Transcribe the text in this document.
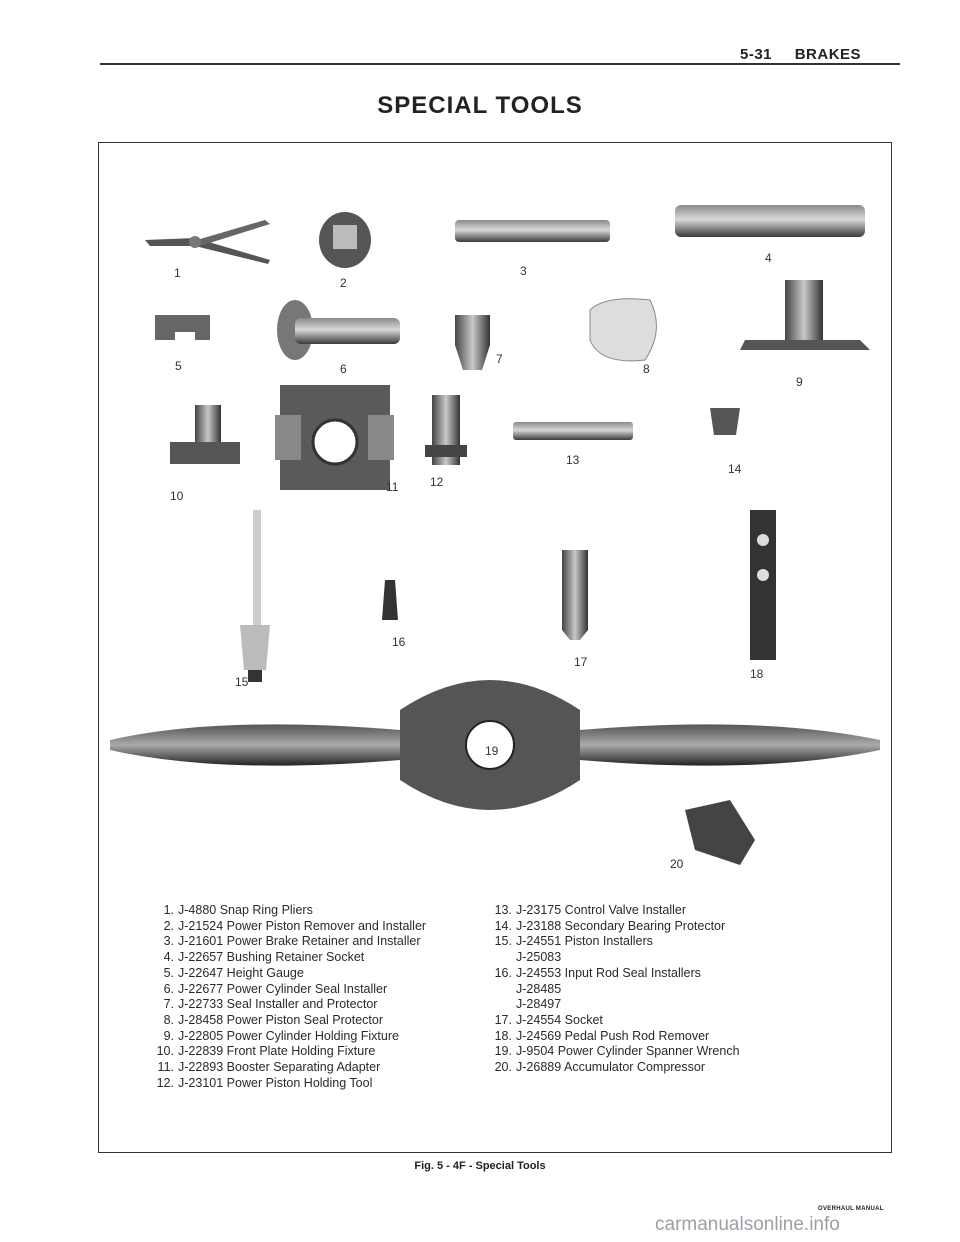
5-31 BRAKES
SPECIAL TOOLS
1
2
3
4
5	6
7
8
9
10
11	12
13
14
15
16
17
18
19
20
1. J-4880 Snap Ring Pliers
2. J-21524 Power Piston Remover and Installer
3. J-21601 Power Brake Retainer and Installer
4. J-22657 Bushing Retainer Socket
5. J-22647 Height Gauge
6. J-22677 Power Cylinder Seal Installer
7. J-22733 Seal Installer and Protector
8. J-28458 Power Piston Seal Protector
9. J-22805 Power Cylinder Holding Fixture
10. J-22839 Front Plate Holding Fixture
11. J-22893 Booster Separating Adapter
12. J-23101 Power Piston Holding Tool
13. J-23175 Control Valve Installer
14. J-23188 Secondary Bearing Protector
15. J-24551 Piston Installers
J-25083
16. J-24553 Input Rod Seal Installers
J-28485
J-28497
17. J-24554 Socket
18. J-24569 Pedal Push Rod Remover
19. J-9504 Power Cylinder Spanner Wrench
20. J-26889 Accumulator Compressor
Fig. 5 - 4F - Special Tools
OVERHAUL MANUAL
carmanualsonline.info
